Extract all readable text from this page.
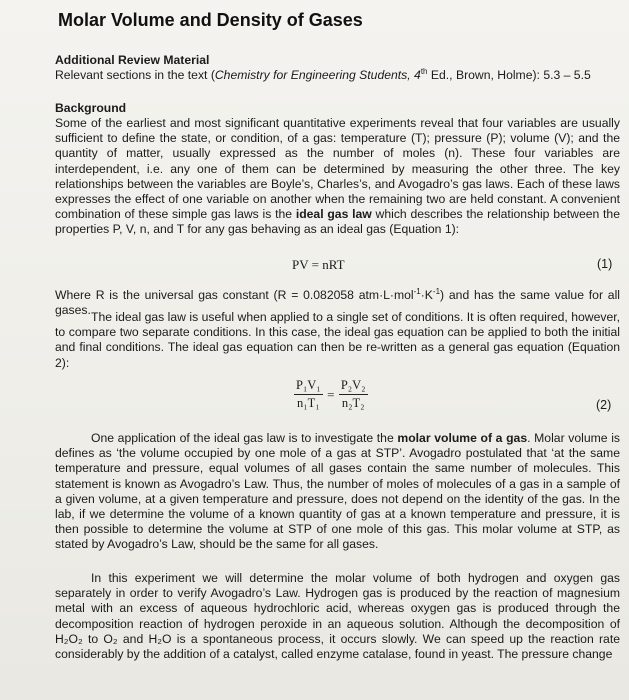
Molar Volume and Density of Gases
Additional Review Material
Relevant sections in the text (Chemistry for Engineering Students, 4th Ed., Brown, Holme): 5.3 – 5.5
Background

Some of the earliest and most significant quantitative experiments reveal that four variables are usually sufficient to define the state, or condition, of a gas: temperature (T); pressure (P); volume (V); and the quantity of matter, usually expressed as the number of moles (n). These four variables are interdependent, i.e. any one of them can be determined by measuring the other three. The key relationships between the variables are Boyle’s, Charles’s, and Avogadro’s gas laws. Each of these laws expresses the effect of one variable on another when the remaining two are held constant. A convenient combination of these simple gas laws is the ideal gas law which describes the relationship between the properties P, V, n, and T for any gas behaving as an ideal gas (Equation 1):

PV = nRT	(1)

Where R is the universal gas constant (R = 0.082058 $atm\cdot L\cdot mol^{-1}\cdot K^{-1}$) and has the same value for all gases. The ideal gas law is useful when applied to a single set of conditions. It is often required, however, to compare two separate conditions. In this case, the ideal gas equation can be applied to both the initial and final conditions. The ideal gas equation can then be re-written as a general gas equation (Equation 2):

$\frac{\text{P₁V₁}}{\text{n₁T₁}} = \frac{\text{P₂V₂}}{\text{n₂T₂}}$	(2)

One application of the ideal gas law is to investigate the molar volume of a gas. Molar volume is defines as ‘the volume occupied by one mole of a gas at STP’. Avogadro postulated that ‘at the same temperature and pressure, equal volumes of all gases contain the same number of molecules. This statement is known as Avogadro’s Law. Thus, the number of moles of molecules of a gas in a sample of a given volume, at a given temperature and pressure, does not depend on the identity of the gas. In the lab, if we determine the volume of a known quantity of gas at a known temperature and pressure, it is then possible to determine the volume at STP of one mole of this gas. This molar volume at STP, as stated by Avogadro’s Law, should be the same for all gases.

In this experiment we will determine the molar volume of both hydrogen and oxygen gas separately in order to verify Avogadro’s Law. Hydrogen gas is produced by the reaction of magnesium metal with an excess of aqueous hydrochloric acid, whereas oxygen gas is produced through the decomposition reaction of hydrogen peroxide in an aqueous solution. Although the decomposition of H₂O₂ to O₂ and H₂O is a spontaneous process, it occurs slowly. We can speed up the reaction rate considerably by the addition of a catalyst, called enzyme catalase, found in yeast. The pressure change
